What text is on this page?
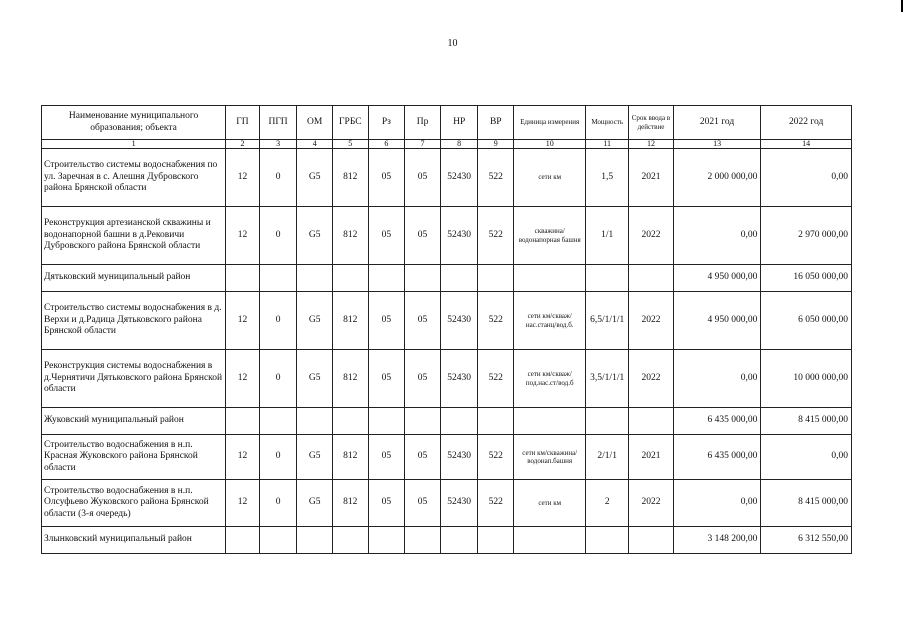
10
Наименование муниципального образования; объекта	ГП	ПГП	ОМ	ГРБС	Рз	Пр	НР	ВР	Единица измерения	Мощность	Срок ввода в действие	2021 год	2022 год
1	2	3	4	5	6	7	8	9	10	11	12	13	14
Строительство системы водоснабжения по ул. Заречная в с. Алешня Дубровского района Брянской области	12	0	G5	812	05	05	52430	522	сети км	1,5	2021	2 000 000,00	0,00
Реконструкция артезианской скважины и водонапорной башни в д.Рековичи Дубровского района Брянской области	12	0	G5	812	05	05	52430	522	скважина/водонапорная башня	1/1	2022	0,00	2 970 000,00
Дятьковский муниципальный район												4 950 000,00	16 050 000,00
Строительство системы водоснабжения в д. Верхи и д.Радица Дятьковского района Брянской области	12	0	G5	812	05	05	52430	522	сети км/скваж/нас.станц/вод.б.	6,5/1/1/1	2022	4 950 000,00	6 050 000,00
Реконструкция системы водоснабжения в д.Чернятичи Дятьковского района Брянской области	12	0	G5	812	05	05	52430	522	сети км/скваж/под.нас.ст/вод.б	3,5/1/1/1	2022	0,00	10 000 000,00
Жуковский муниципальный район												6 435 000,00	8 415 000,00
Строительство водоснабжения в н.п. Красная Жуковского района Брянской области	12	0	G5	812	05	05	52430	522	сети км/скважина/водонап.башня	2/1/1	2021	6 435 000,00	0,00
Строительство водоснабжения в н.п. Олсуфьево Жуковского района Брянской области (3-я очередь)	12	0	G5	812	05	05	52430	522	сети км	2	2022	0,00	8 415 000,00
Злынковский муниципальный район												3 148 200,00	6 312 550,00
